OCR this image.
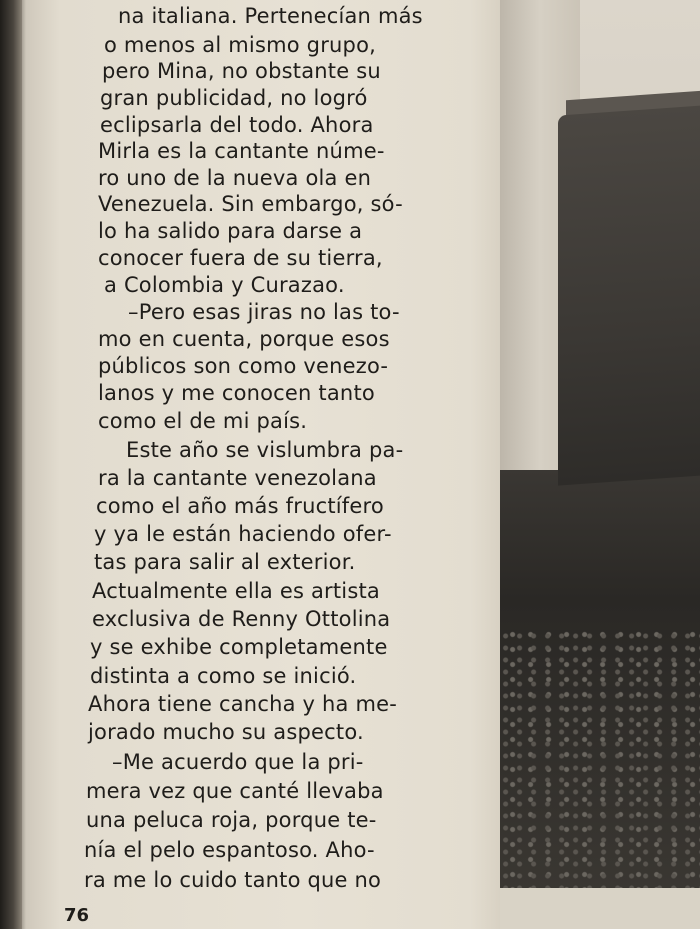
na italiana. Pertenecían más
o menos al mismo grupo,
pero Mina, no obstante su
gran publicidad, no logró
eclipsarla del todo. Ahora
Mirla es la cantante núme-
ro uno de la nueva ola en
Venezuela. Sin embargo, só-
lo ha salido para darse a
conocer fuera de su tierra,
a Colombia y Curazao.
–Pero esas jiras no las to-
mo en cuenta, porque esos
públicos son como venezo-
lanos y me conocen tanto
como el de mi país.
Este año se vislumbra pa-
ra la cantante venezolana
como el año más fructífero
y ya le están haciendo ofer-
tas para salir al exterior.
Actualmente ella es artista
exclusiva de Renny Ottolina
y se exhibe completamente
distinta a como se inició.
Ahora tiene cancha y ha me-
jorado mucho su aspecto.
–Me acuerdo que la pri-
mera vez que canté llevaba
una peluca roja, porque te-
nía el pelo espantoso. Aho-
ra me lo cuido tanto que no
76
